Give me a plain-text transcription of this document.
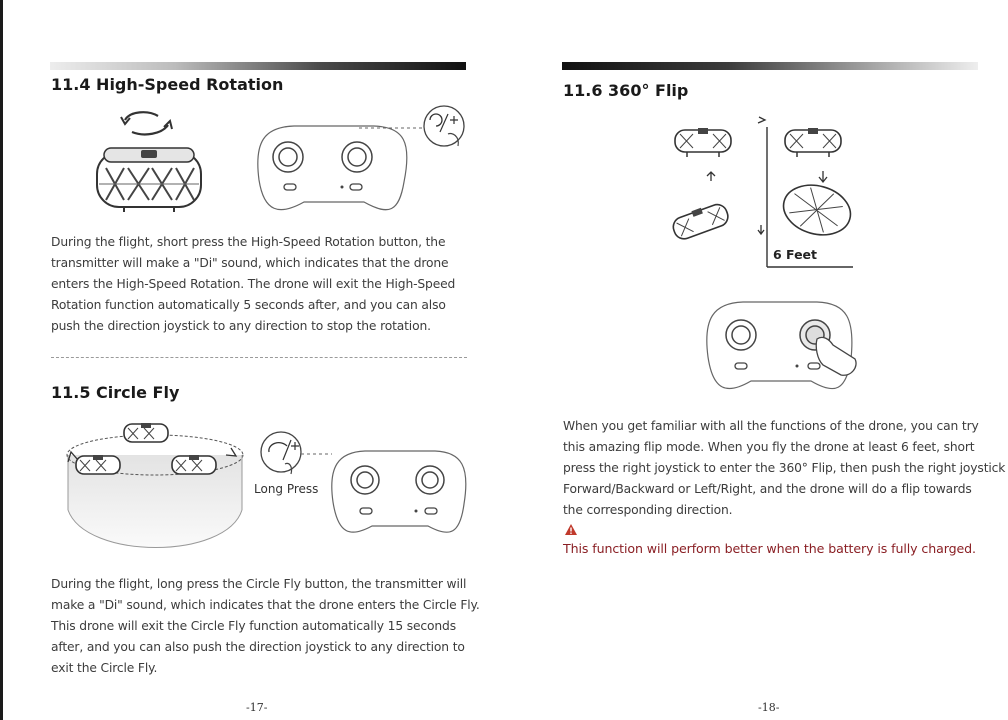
11.4 High-Speed Rotation

During the flight, short press the High-Speed Rotation button, the

transmitter will make a "Di" sound, which indicates that the drone

enters the High-Speed Rotation. The drone will exit the High-Speed

Rotation function automatically 5 seconds after, and you can also

push the direction joystick to any direction to stop the rotation.

11.5 Circle Fly
Long Press

During the flight, long press the Circle Fly button, the transmitter will

make a "Di" sound, which indicates that the drone enters the Circle Fly.

This drone will exit the Circle Fly function automatically 15 seconds

after, and you can also push the direction joystick to any direction to

exit the Circle Fly.

-17-
11.6 360° Flip
6 Feet

When you get familiar with all the functions of the drone, you can try

this amazing flip mode. When you fly the drone at least 6 feet, short

press the right joystick to enter the 360° Flip, then push the right joystick

Forward/Backward or Left/Right, and the drone will do a flip towards

the corresponding direction.

This function will perform better when the battery is fully charged.
-18-
